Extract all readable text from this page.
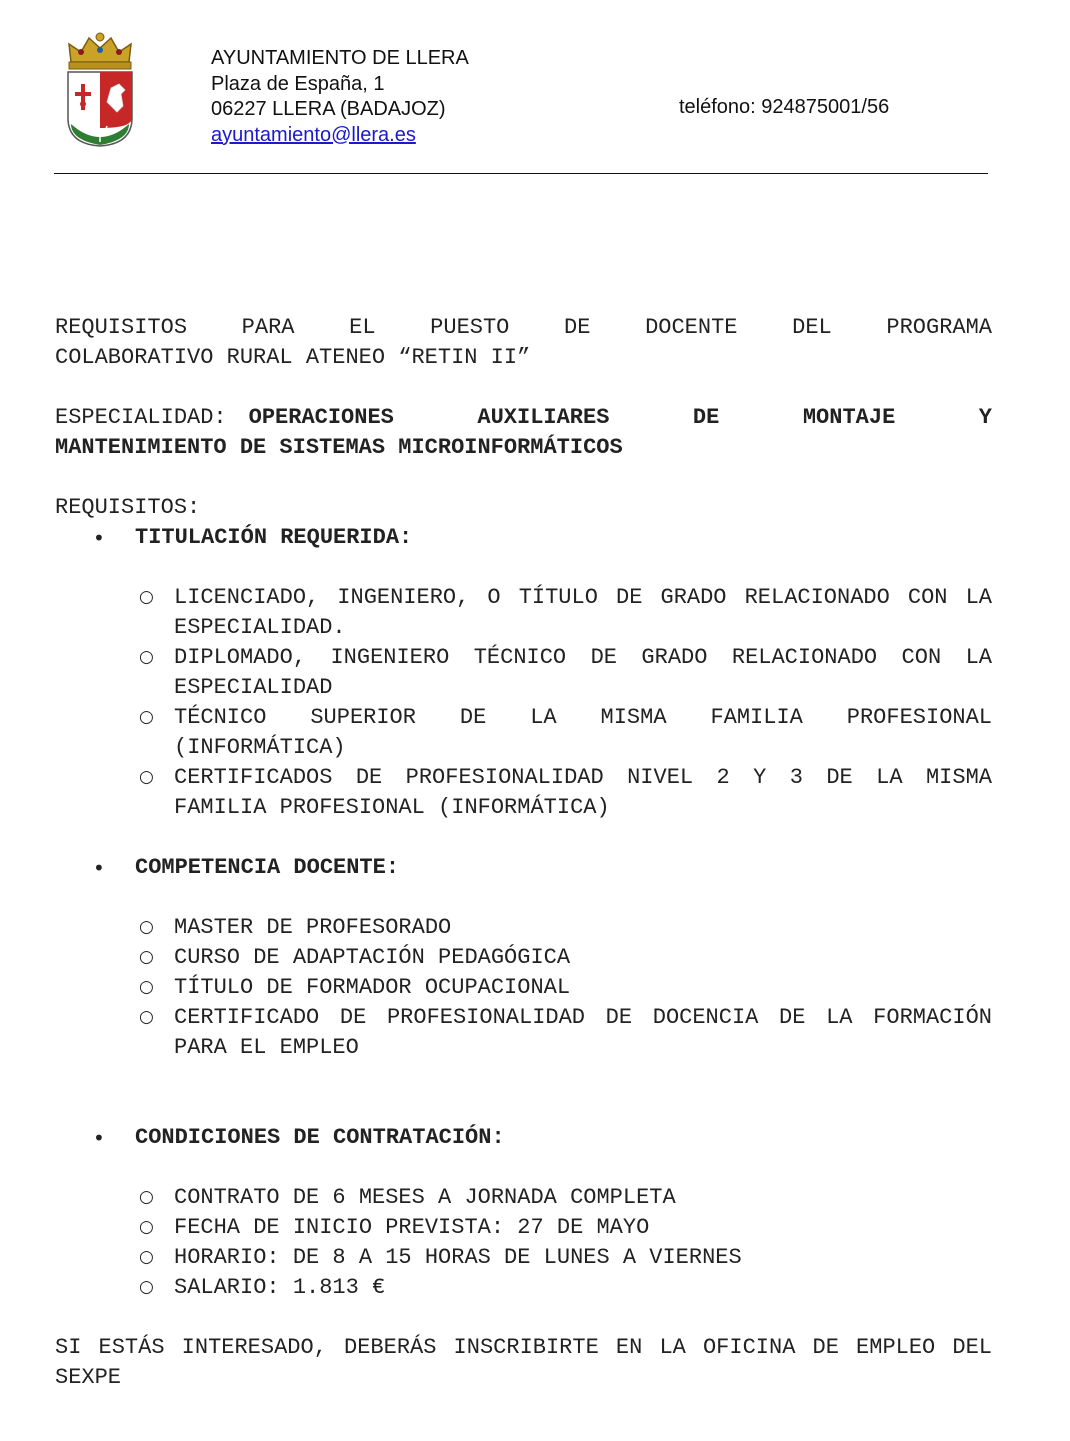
AYUNTAMIENTO DE LLERA
Plaza de España, 1
06227 LLERA (BADAJOZ)
ayuntamiento@llera.es
teléfono: 924875001/56

REQUISITOS PARA EL PUESTO DE DOCENTE DEL PROGRAMA

COLABORATIVO RURAL ATENEO “RETIN II”

ESPECIALIDAD:  OPERACIONES AUXILIARES DE MONTAJE Y

MANTENIMIENTO DE SISTEMAS MICROINFORMÁTICOS

REQUISITOS:

• TITULACIÓN REQUERIDA:
○ LICENCIADO, INGENIERO, O TÍTULO DE GRADO RELACIONADO CON LA ESPECIALIDAD.
○ DIPLOMADO, INGENIERO TÉCNICO DE GRADO RELACIONADO CON LA ESPECIALIDAD
○ TÉCNICO SUPERIOR DE LA MISMA FAMILIA PROFESIONAL (INFORMÁTICA)
○ CERTIFICADOS DE PROFESIONALIDAD NIVEL 2 Y 3 DE LA MISMA FAMILIA PROFESIONAL (INFORMÁTICA)
• COMPETENCIA DOCENTE:
○ MASTER DE PROFESORADO
○ CURSO DE ADAPTACIÓN PEDAGÓGICA
○ TÍTULO DE FORMADOR OCUPACIONAL
○ CERTIFICADO DE PROFESIONALIDAD DE DOCENCIA DE LA FORMACIÓN PARA EL EMPLEO
• CONDICIONES DE CONTRATACIÓN:
○ CONTRATO DE 6 MESES A JORNADA COMPLETA
○ FECHA DE INICIO PREVISTA: 27 DE MAYO
○ HORARIO: DE 8 A 15 HORAS DE LUNES A VIERNES
○ SALARIO: 1.813 €

SI ESTÁS INTERESADO, DEBERÁS INSCRIBIRTE EN LA OFICINA DE EMPLEO DEL SEXPE
